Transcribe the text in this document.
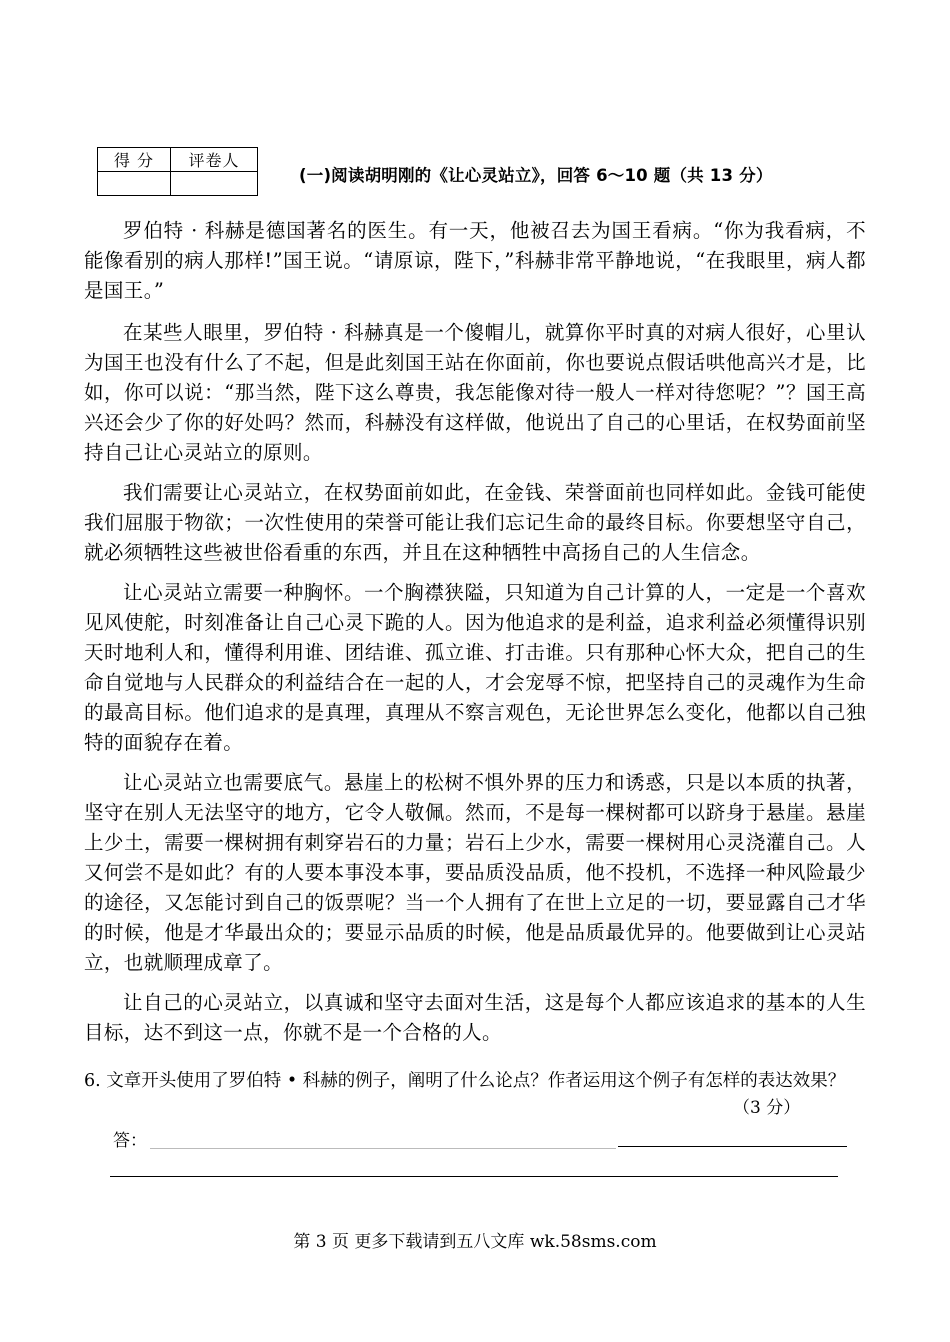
得 分	评卷人

(一)阅读胡明刚的《让心灵站立》，回答 6～10 题（共 13 分）

罗伯特 · 科赫是德国著名的医生。有一天，他被召去为国王看病。“你为我看病，不能像看别的病人那样!”国王说。“请原谅，陛下，”科赫非常平静地说，“在我眼里，病人都是国王。”

在某些人眼里，罗伯特 · 科赫真是一个傻帽儿，就算你平时真的对病人很好，心里认为国王也没有什么了不起，但是此刻国王站在你面前，你也要说点假话哄他高兴才是，比如，你可以说：“那当然，陛下这么尊贵，我怎能像对待一般人一样对待您呢？”？国王高兴还会少了你的好处吗？然而，科赫没有这样做，他说出了自己的心里话，在权势面前坚持自己让心灵站立的原则。

我们需要让心灵站立，在权势面前如此，在金钱、荣誉面前也同样如此。金钱可能使我们屈服于物欲；一次性使用的荣誉可能让我们忘记生命的最终目标。你要想坚守自己，就必须牺牲这些被世俗看重的东西，并且在这种牺牲中高扬自己的人生信念。

让心灵站立需要一种胸怀。一个胸襟狭隘，只知道为自己计算的人，一定是一个喜欢见风使舵，时刻准备让自己心灵下跪的人。因为他追求的是利益，追求利益必须懂得识别天时地利人和，懂得利用谁、团结谁、孤立谁、打击谁。只有那种心怀大众，把自己的生命自觉地与人民群众的利益结合在一起的人，才会宠辱不惊，把坚持自己的灵魂作为生命的最高目标。他们追求的是真理，真理从不察言观色，无论世界怎么变化，他都以自己独特的面貌存在着。

让心灵站立也需要底气。悬崖上的松树不惧外界的压力和诱惑，只是以本质的执著，坚守在别人无法坚守的地方，它令人敬佩。然而，不是每一棵树都可以跻身于悬崖。悬崖上少土，需要一棵树拥有刺穿岩石的力量；岩石上少水，需要一棵树用心灵浇灌自己。人又何尝不是如此？有的人要本事没本事，要品质没品质，他不投机，不选择一种风险最少的途径，又怎能讨到自己的饭票呢？当一个人拥有了在世上立足的一切，要显露自己才华的时候，他是才华最出众的；要显示品质的时候，他是品质最优异的。他要做到让心灵站立，也就顺理成章了。

让自己的心灵站立，以真诚和坚守去面对生活，这是每个人都应该追求的基本的人生目标，达不到这一点，你就不是一个合格的人。

6. 文章开头使用了罗伯特 • 科赫的例子，阐明了什么论点？作者运用这个例子有怎样的表达效果？
（3 分）
答：
第 3 页 更多下载请到五八文库 wk.58sms.com
